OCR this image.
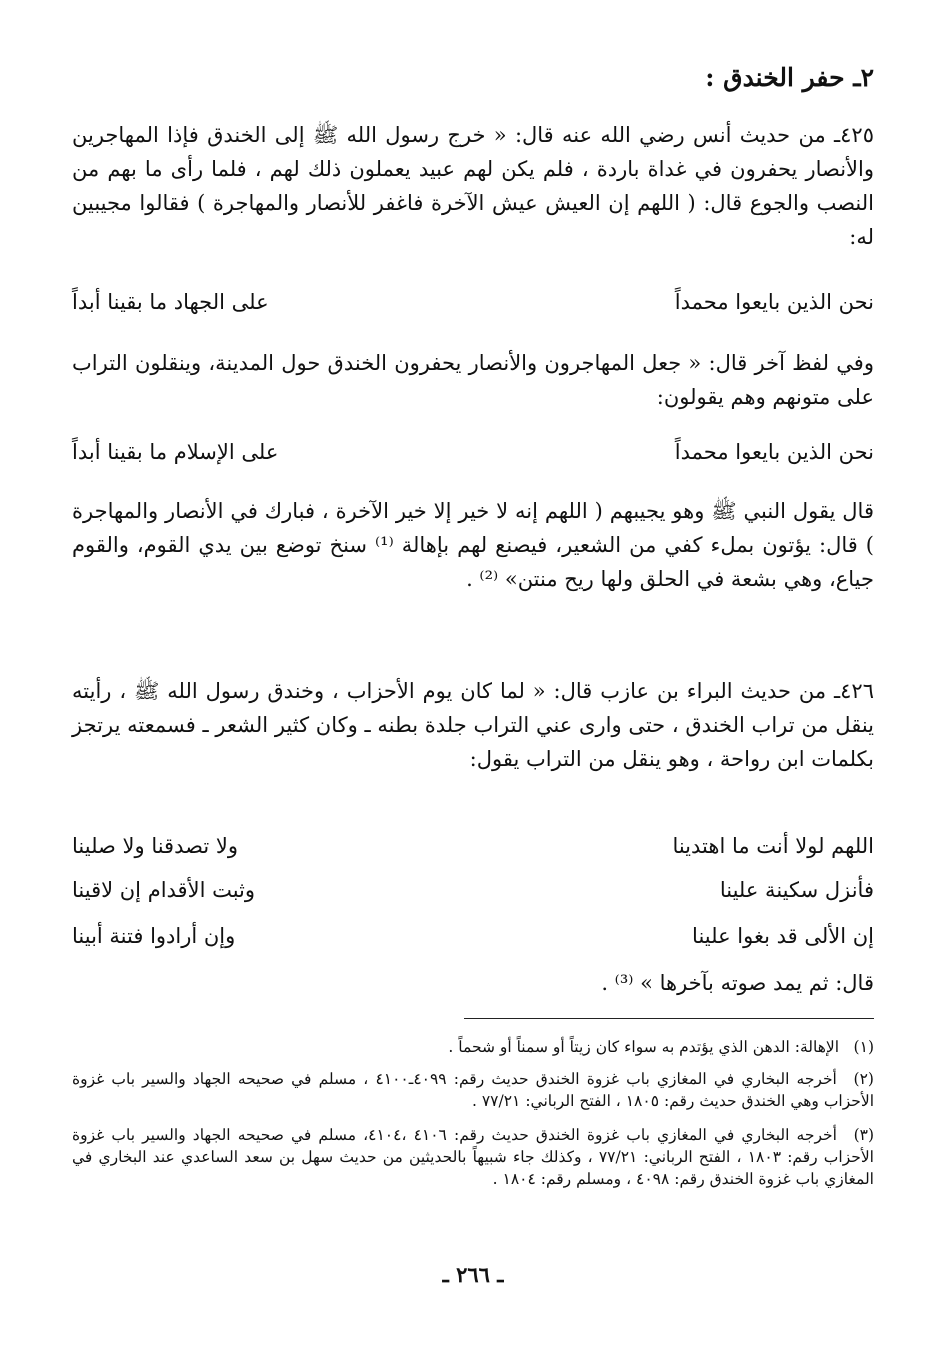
٢ـ حفر الخندق :
٤٢٥ـ من حديث أنس رضي الله عنه قال: « خرج رسول الله ﷺ إلى الخندق فإذا المهاجرين والأنصار يحفرون في غداة باردة ، فلم يكن لهم عبيد يعملون ذلك لهم ، فلما رأى ما بهم من النصب والجوع قال: ( اللهم إن العيش عيش الآخرة فاغفر للأنصار والمهاجرة ) فقالوا مجيبين له:
نحن الذين بايعوا محمداً
على الجهاد ما بقينا أبداً
وفي لفظ آخر قال: « جعل المهاجرون والأنصار يحفرون الخندق حول المدينة، وينقلون التراب على متونهم وهم يقولون:
نحن الذين بايعوا محمداً
على الإسلام ما بقينا أبداً
قال يقول النبي ﷺ وهو يجيبهم ( اللهم إنه لا خير إلا خير الآخرة ، فبارك في الأنصار والمهاجرة ) قال: يؤتون بملء كفي من الشعير، فيصنع لهم بإهالة ⁽¹⁾ سنخ توضع بين يدي القوم، والقوم جياع، وهي بشعة في الحلق ولها ريح منتن» ⁽²⁾ .
٤٢٦ـ من حديث البراء بن عازب قال: « لما كان يوم الأحزاب ، وخندق رسول الله ﷺ ، رأيته ينقل من تراب الخندق ، حتى وارى عني التراب جلدة بطنه ـ وكان كثير الشعر ـ فسمعته يرتجز بكلمات ابن رواحة ، وهو ينقل من التراب يقول:
اللهم لولا أنت ما اهتدينا
ولا تصدقنا ولا صلينا
فأنزل سكينة علينا
وثبت الأقدام إن لاقينا
إن الألى قد بغوا علينا
وإن أرادوا فتنة أبينا
قال: ثم يمد صوته بآخرها » ⁽³⁾ .
(١) الإهالة: الدهن الذي يؤتدم به سواء كان زيتاً أو سمناً أو شحماً .
(٢) أخرجه البخاري في المغازي باب غزوة الخندق حديث رقم: ٤٠٩٩ـ٤١٠٠ ، مسلم في صحيحه الجهاد والسير باب غزوة الأحزاب وهي الخندق حديث رقم: ١٨٠٥ ، الفتح الرباني: ٧٧/٢١ .
(٣) أخرجه البخاري في المغازي باب غزوة الخندق حديث رقم: ٤١٠٦ ،٤١٠٤، مسلم في صحيحه الجهاد والسير باب غزوة الأحزاب رقم: ١٨٠٣ ، الفتح الرباني: ٧٧/٢١ ، وكذلك جاء شبيهاً بالحديثين من حديث سهل بن سعد الساعدي عند البخاري في المغازي باب غزوة الخندق رقم: ٤٠٩٨ ، ومسلم رقم: ١٨٠٤ .
ـ ٢٦٦ ـ
